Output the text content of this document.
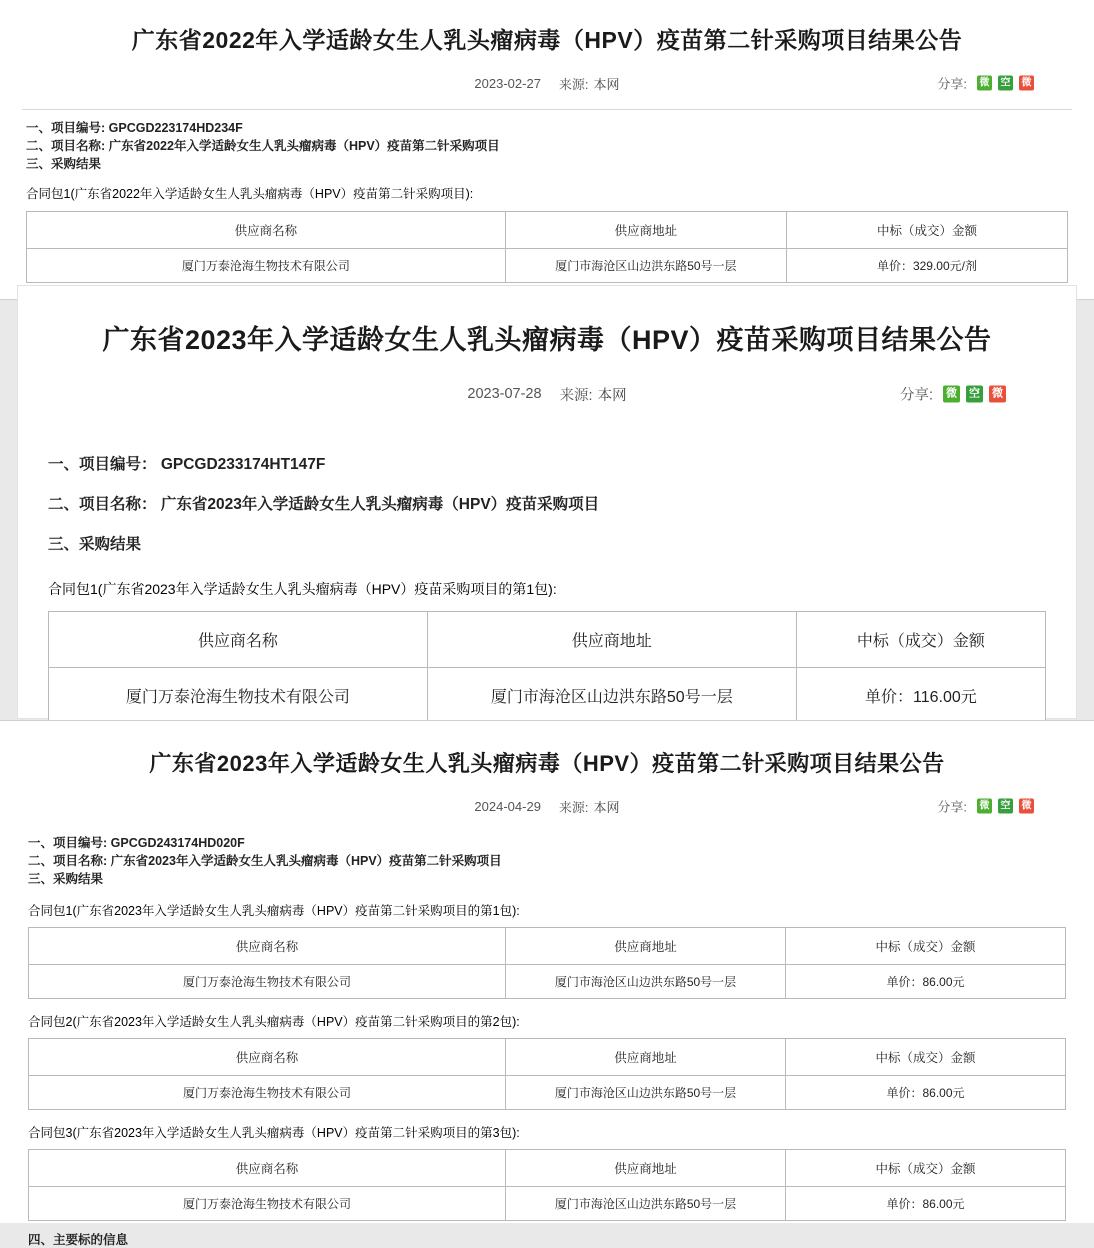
广东省2022年入学适龄女生人乳头瘤病毒（HPV）疫苗第二针采购项目结果公告
2023-02-27 来源: 本网	分享: 微 空 微
一、项目编号: GPCGD223174HD234F
二、项目名称: 广东省2022年入学适龄女生人乳头瘤病毒（HPV）疫苗第二针采购项目
三、采购结果
合同包1(广东省2022年入学适龄女生人乳头瘤病毒（HPV）疫苗第二针采购项目):
供应商名称	供应商地址	中标（成交）金额
厦门万泰沧海生物技术有限公司	厦门市海沧区山边洪东路50号一层	单价：329.00元/剂
广东省2023年入学适龄女生人乳头瘤病毒（HPV）疫苗采购项目结果公告
2023-07-28 来源: 本网	分享: 微 空 微
一、项目编号： GPCGD233174HT147F
二、项目名称： 广东省2023年入学适龄女生人乳头瘤病毒（HPV）疫苗采购项目
三、采购结果
合同包1(广东省2023年入学适龄女生人乳头瘤病毒（HPV）疫苗采购项目的第1包):
供应商名称	供应商地址	中标（成交）金额
厦门万泰沧海生物技术有限公司	厦门市海沧区山边洪东路50号一层	单价：116.00元
广东省2023年入学适龄女生人乳头瘤病毒（HPV）疫苗第二针采购项目结果公告
2024-04-29 来源: 本网	分享: 微 空 微
一、项目编号: GPCGD243174HD020F
二、项目名称: 广东省2023年入学适龄女生人乳头瘤病毒（HPV）疫苗第二针采购项目
三、采购结果
合同包1(广东省2023年入学适龄女生人乳头瘤病毒（HPV）疫苗第二针采购项目的第1包):
供应商名称	供应商地址	中标（成交）金额
厦门万泰沧海生物技术有限公司	厦门市海沧区山边洪东路50号一层	单价：86.00元
合同包2(广东省2023年入学适龄女生人乳头瘤病毒（HPV）疫苗第二针采购项目的第2包):
供应商名称	供应商地址	中标（成交）金额
厦门万泰沧海生物技术有限公司	厦门市海沧区山边洪东路50号一层	单价：86.00元
合同包3(广东省2023年入学适龄女生人乳头瘤病毒（HPV）疫苗第二针采购项目的第3包):
供应商名称	供应商地址	中标（成交）金额
厦门万泰沧海生物技术有限公司	厦门市海沧区山边洪东路50号一层	单价：86.00元
四、主要标的信息
